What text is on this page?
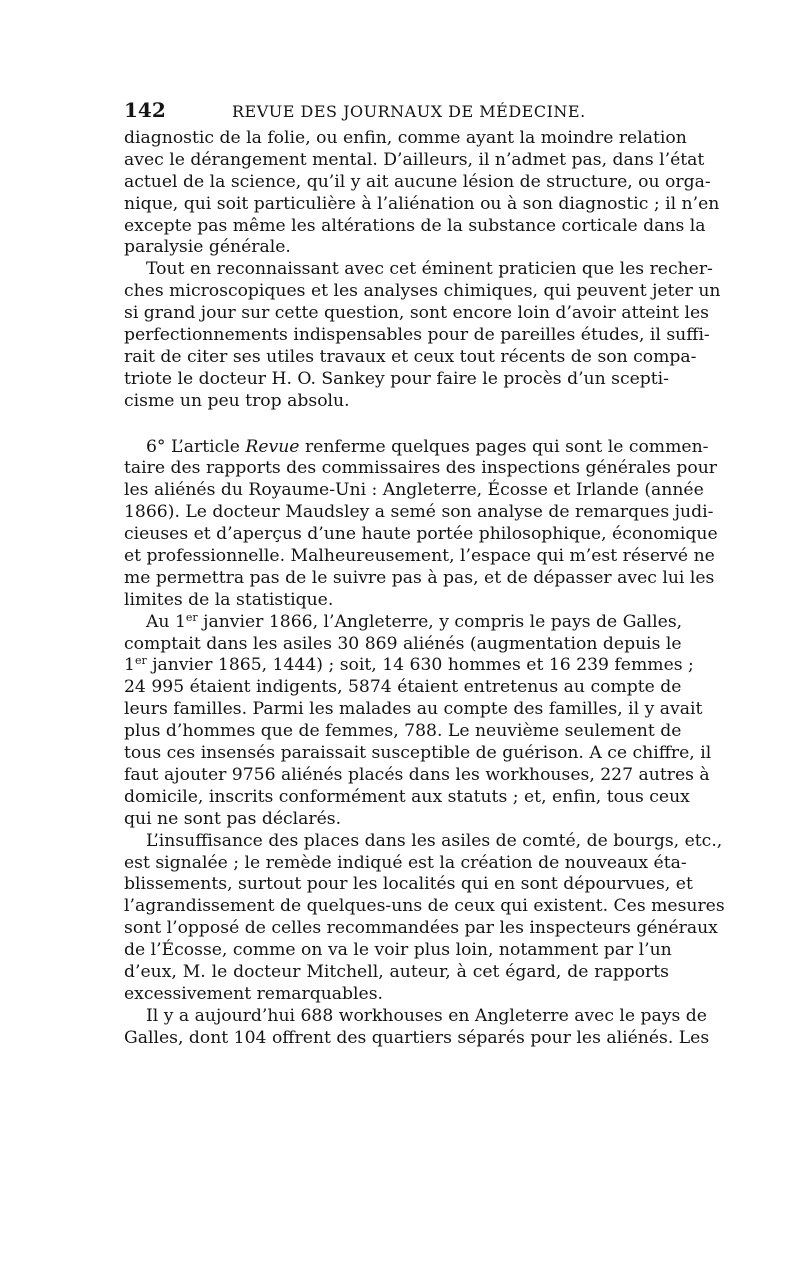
142	REVUE DES JOURNAUX DE MÉDECINE.
diagnostic de la folie, ou enfin, comme ayant la moindre relation
avec le dérangement mental. D’ailleurs, il n’admet pas, dans l’état
actuel de la science, qu’il y ait aucune lésion de structure, ou orga-
nique, qui soit particulière à l’aliénation ou à son diagnostic ; il n’en
excepte pas même les altérations de la substance corticale dans la
paralysie générale.
Tout en reconnaissant avec cet éminent praticien que les recher-
ches microscopiques et les analyses chimiques, qui peuvent jeter un
si grand jour sur cette question, sont encore loin d’avoir atteint les
perfectionnements indispensables pour de pareilles études, il suffi-
rait de citer ses utiles travaux et ceux tout récents de son compa-
triote le docteur H. O. Sankey pour faire le procès d’un scepti-
cisme un peu trop absolu.
6° L’article Revue renferme quelques pages qui sont le commen-
taire des rapports des commissaires des inspections générales pour
les aliénés du Royaume-Uni : Angleterre, Écosse et Irlande (année
1866). Le docteur Maudsley a semé son analyse de remarques judi-
cieuses et d’aperçus d’une haute portée philosophique, économique
et professionnelle. Malheureusement, l’espace qui m’est réservé ne
me permettra pas de le suivre pas à pas, et de dépasser avec lui les
limites de la statistique.
Au 1er janvier 1866, l’Angleterre, y compris le pays de Galles,
comptait dans les asiles 30 869 aliénés (augmentation depuis le
1er janvier 1865, 1444) ; soit, 14 630 hommes et 16 239 femmes ;
24 995 étaient indigents, 5874 étaient entretenus au compte de
leurs familles. Parmi les malades au compte des familles, il y avait
plus d’hommes que de femmes, 788. Le neuvième seulement de
tous ces insensés paraissait susceptible de guérison. A ce chiffre, il
faut ajouter 9756 aliénés placés dans les workhouses, 227 autres à
domicile, inscrits conformément aux statuts ; et, enfin, tous ceux
qui ne sont pas déclarés.
L’insuffisance des places dans les asiles de comté, de bourgs, etc.,
est signalée ; le remède indiqué est la création de nouveaux éta-
blissements, surtout pour les localités qui en sont dépourvues, et
l’agrandissement de quelques-uns de ceux qui existent. Ces mesures
sont l’opposé de celles recommandées par les inspecteurs généraux
de l’Écosse, comme on va le voir plus loin, notamment par l’un
d’eux, M. le docteur Mitchell, auteur, à cet égard, de rapports
excessivement remarquables.
Il y a aujourd’hui 688 workhouses en Angleterre avec le pays de
Galles, dont 104 offrent des quartiers séparés pour les aliénés. Les
